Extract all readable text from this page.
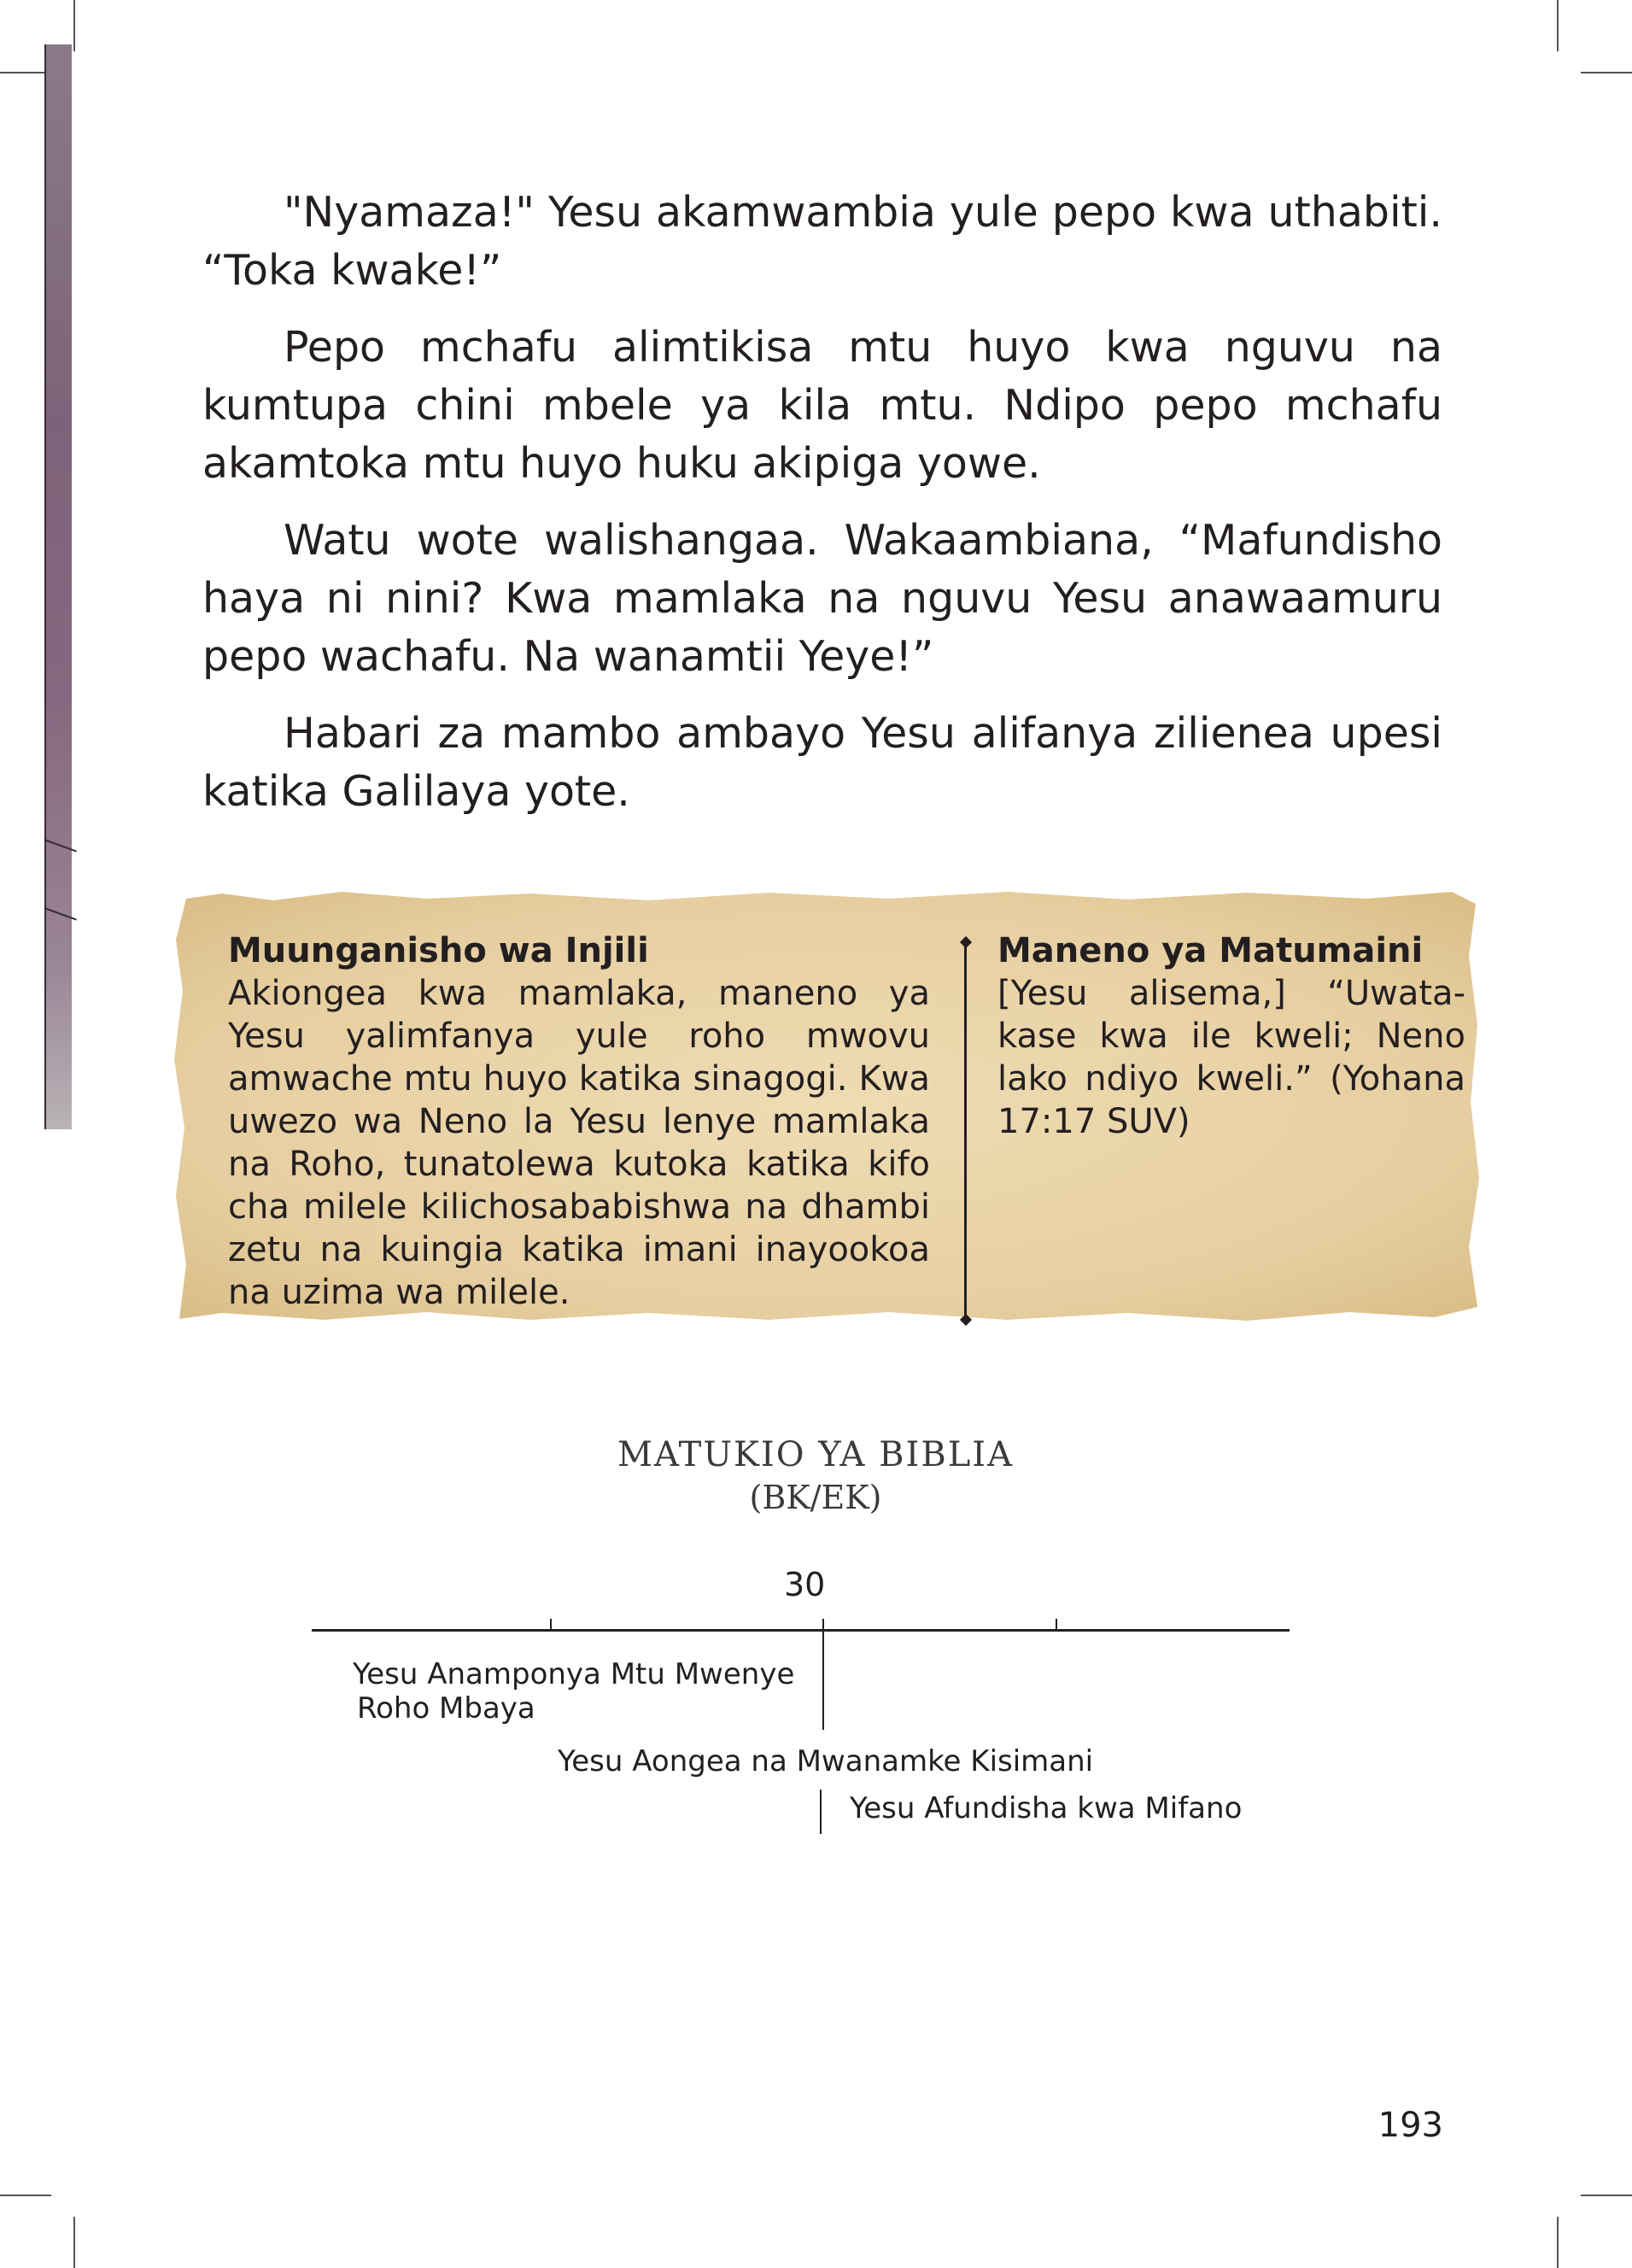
"Nyamaza!" Yesu akamwambia yule pepo kwa uthabiti. “Toka kwake!”

Pepo mchafu alimtikisa mtu huyo kwa nguvu na kumtupa chini mbele ya kila mtu. Ndipo pepo mchafu akamtoka mtu huyo huku akipiga yowe.

Watu wote walishangaa. Wakaambiana, “Mafundisho haya ni nini? Kwa mamlaka na nguvu Yesu anawaamuru pepo wachafu. Na wanamtii Yeye!”

Habari za mambo ambayo Yesu alifanya zilienea upesi katika Galilaya yote.

Muunganisho wa Injili

Akiongea kwa mamlaka, maneno ya Yesu yalimfanya yule roho mwovu amwache mtu huyo katika sinagogi. Kwa uwezo wa Neno la Yesu lenye mamlaka na Roho, tunatolewa kutoka katika kifo cha milele kilichosababishwa na dhambi zetu na kuingia katika imani inayookoa na uzima wa milele.

Maneno ya Matumaini

[Yesu alisema,] “Uwata-kase kwa ile kweli; Neno lako ndiyo kweli.” (Yohana 17:17 SUV)

MATUKIO YA BIBLIA
(BK/EK)
30
Yesu Anamponya Mtu Mwenye
Roho Mbaya
Yesu Aongea na Mwanamke Kisimani
Yesu Afundisha kwa Mifano
193
